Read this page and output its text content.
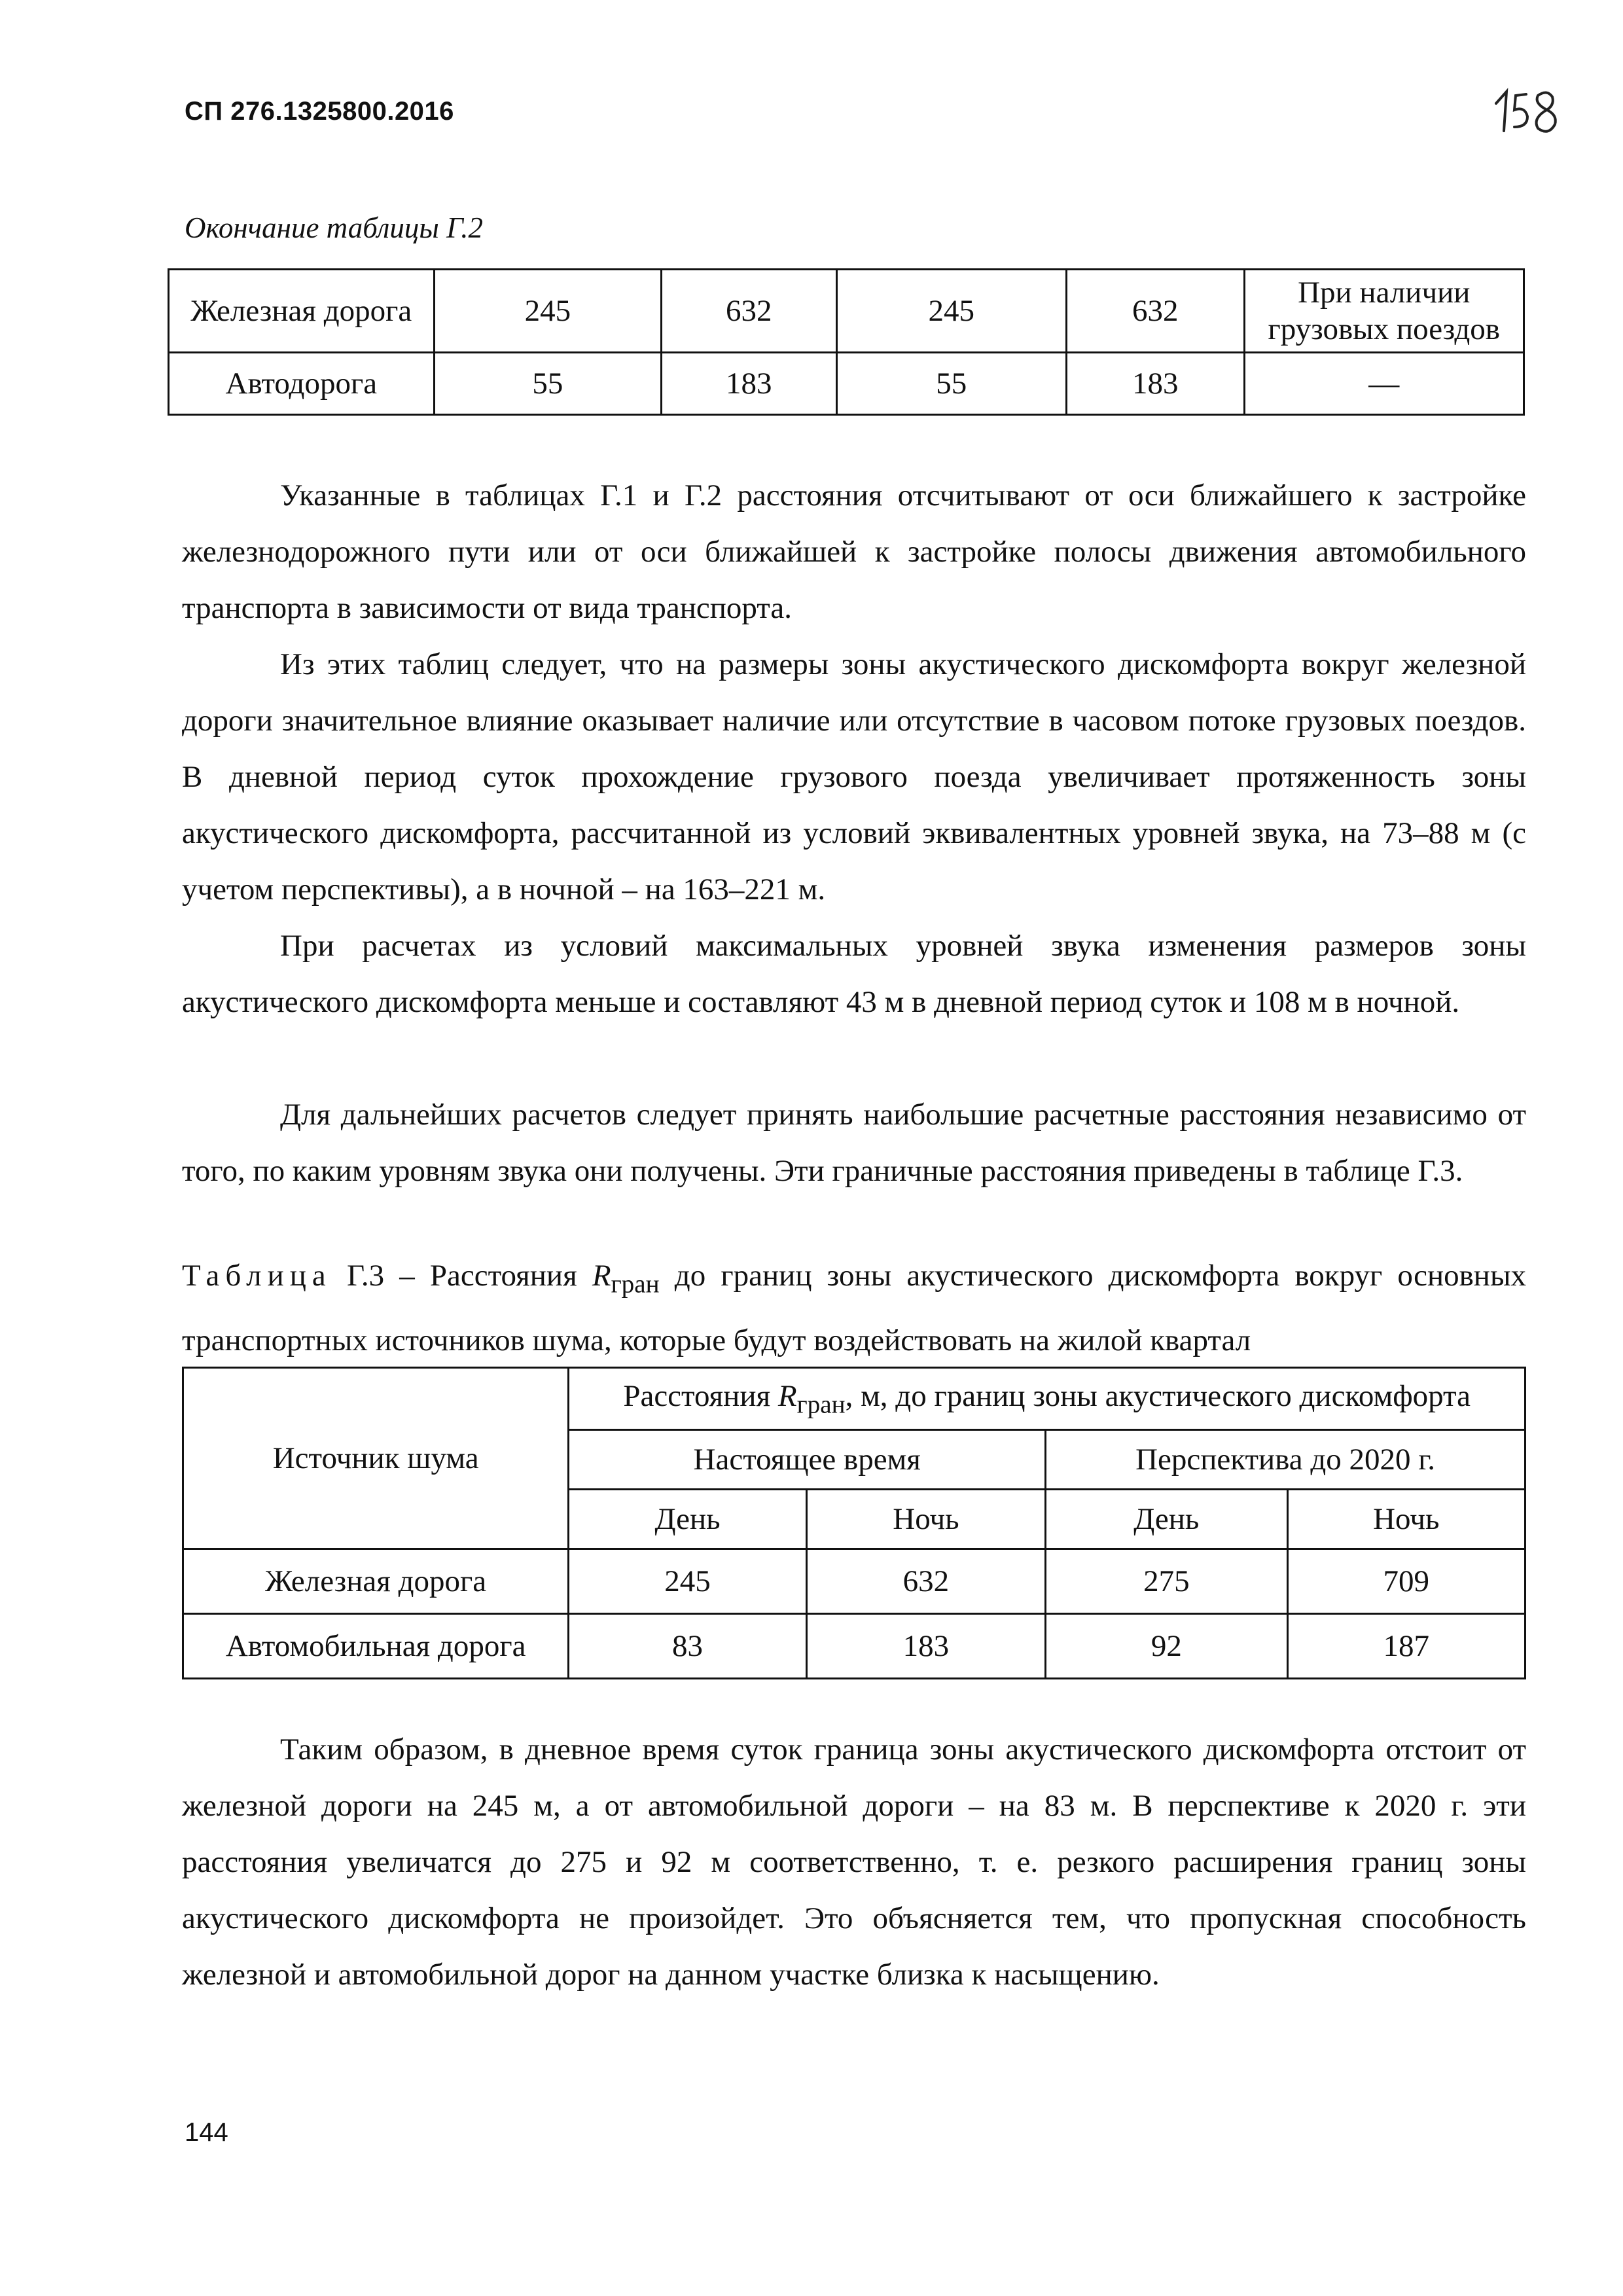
СП 276.1325800.2016
Окончание таблицы Г.2
Железная дорога	245	632	245	632	При наличии грузовых поездов
Автодорога	55	183	55	183	—

Указанные в таблицах Г.1 и Г.2 расстояния отсчитывают от оси ближайшего к застройке железнодорожного пути или от оси ближайшей к застройке полосы движения автомобильного транспорта в зависимости от вида транспорта.

Из этих таблиц следует, что на размеры зоны акустического дискомфорта вокруг железной дороги значительное влияние оказывает наличие или отсутствие в часовом потоке грузовых поездов. В дневной период суток прохождение грузового поезда увеличивает протяженность зоны акустического дискомфорта, рассчитанной из условий эквивалентных уровней звука, на 73–88 м (с учетом перспективы), а в ночной – на 163–221 м.

При расчетах из условий максимальных уровней звука изменения размеров зоны акустического дискомфорта меньше и составляют 43 м в дневной период суток и 108 м в ночной.

Для дальнейших расчетов следует принять наибольшие расчетные расстояния независимо от того, по каким уровням звука они получены. Эти граничные расстояния приведены в таблице Г.3.

Таблица Г.3 – Расстояния $R_{гран}$ до границ зоны акустического дискомфорта вокруг основных транспортных источников шума, которые будут воздействовать на жилой квартал

Источник шума	Расстояния $R_{гран}$, м, до границ зоны акустического дискомфорта			
	Настоящее время		Перспектива до 2020 г.	
	День	Ночь	День	Ночь
Железная дорога	245	632	275	709
Автомобильная дорога	83	183	92	187

Таким образом, в дневное время суток граница зоны акустического дискомфорта отстоит от железной дороги на 245 м, а от автомобильной дороги – на 83 м. В перспективе к 2020 г. эти расстояния увеличатся до 275 и 92 м соответственно, т. е. резкого расширения границ зоны акустического дискомфорта не произойдет. Это объясняется тем, что пропускная способность железной и автомобильной дорог на данном участке близка к насыщению.

144
